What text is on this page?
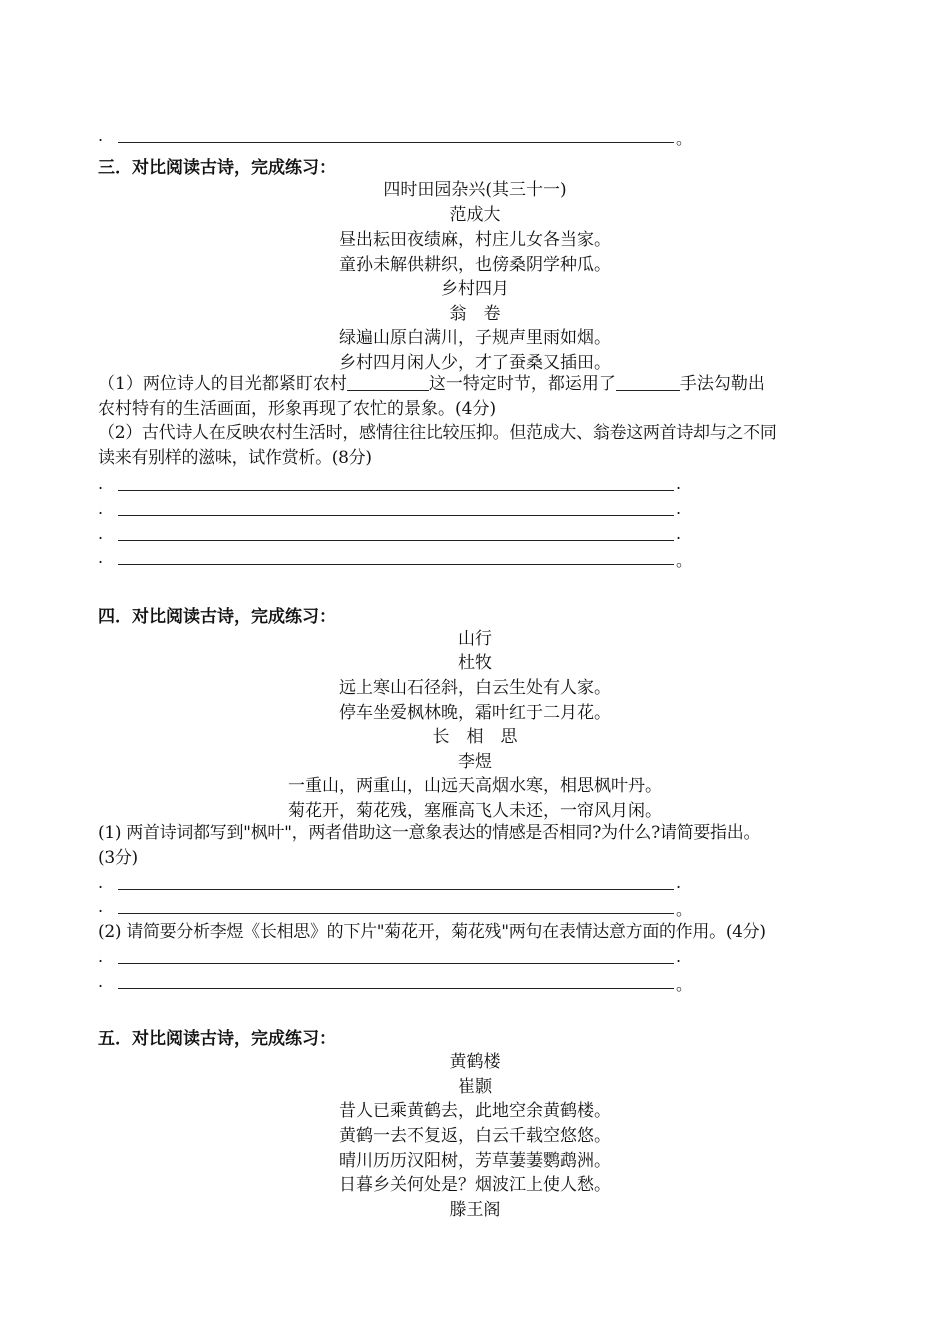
.	。
三．对比阅读古诗，完成练习：
四时田园杂兴(其三十一)
范成大
昼出耘田夜绩麻，村庄儿女各当家。
童孙未解供耕织，也傍桑阴学种瓜。
乡村四月
翁　卷
绿遍山原白满川，子规声里雨如烟。
乡村四月闲人少，才了蚕桑又插田。
（1）两位诗人的目光都紧盯农村	这一特定时节，都运用了	手法勾勒出
农村特有的生活画面，形象再现了农忙的景象。(4分)
（2）古代诗人在反映农村生活时，感情往往比较压抑。但范成大、翁卷这两首诗却与之不同
读来有别样的滋味，试作赏析。(8分)
.	.
.	.
.	.
.	。
四．对比阅读古诗，完成练习：
山行
杜牧
远上寒山石径斜，白云生处有人家。
停车坐爱枫林晚，霜叶红于二月花。
长　相　思
李煜
一重山，两重山，山远天高烟水寒，相思枫叶丹。
菊花开，菊花残，塞雁高飞人未还，一帘风月闲。
(1) 两首诗词都写到"枫叶"，两者借助这一意象表达的情感是否相同?为什么?请简要指出。
(3分)
.	.
.	。
(2) 请简要分析李煜《长相思》的下片"菊花开，菊花残"两句在表情达意方面的作用。(4分)
.	.
.	。
五．对比阅读古诗，完成练习：
黄鹤楼
崔颢
昔人已乘黄鹤去，此地空余黄鹤楼。
黄鹤一去不复返，白云千载空悠悠。
晴川历历汉阳树，芳草萋萋鹦鹉洲。
日暮乡关何处是？烟波江上使人愁。
滕王阁
